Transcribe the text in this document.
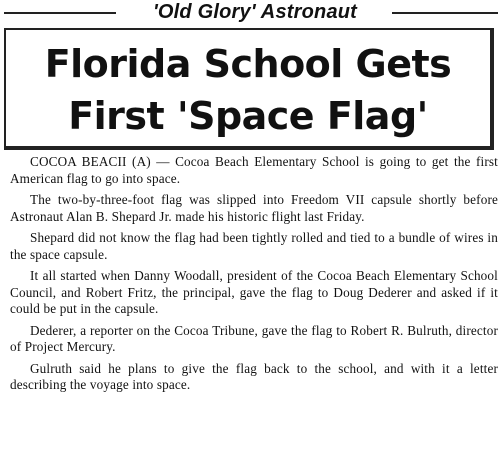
'Old Glory' Astronaut
Florida School Gets
First 'Space Flag'

COCOA BEACII (A) — Cocoa Beach Elementary School is going to get the first American flag to go into space.

The two-by-three-foot flag was slipped into Freedom VII capsule shortly before Astronaut Alan B. Shepard Jr. made his historic flight last Friday.

Shepard did not know the flag had been tightly rolled and tied to a bundle of wires in the space capsule.

It all started when Danny Woodall, president of the Cocoa Beach Elementary School Council, and Robert Fritz, the principal, gave the flag to Doug Dederer and asked if it could be put in the capsule.

Dederer, a reporter on the Cocoa Tribune, gave the flag to Robert R. Bulruth, director of Project Mercury.

Gulruth said he plans to give the flag back to the school, and with it a letter describing the voyage into space.
